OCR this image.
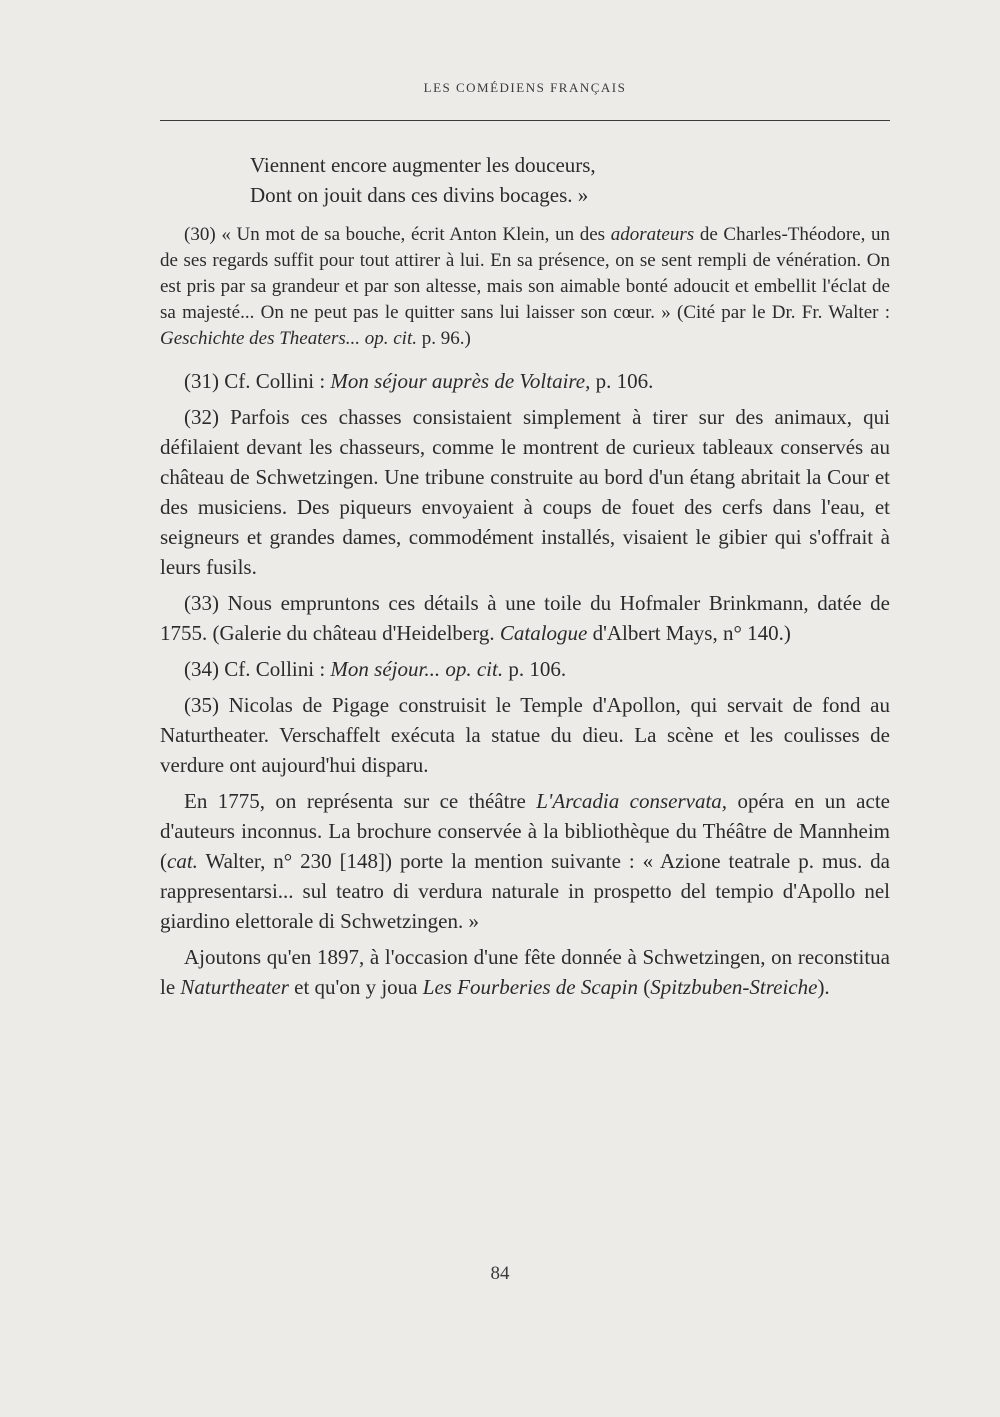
LES COMÉDIENS FRANÇAIS
Viennent encore augmenter les douceurs,
Dont on jouit dans ces divins bocages. »

(30) « Un mot de sa bouche, écrit Anton Klein, un des adorateurs de Charles-Théodore, un de ses regards suffit pour tout attirer à lui. En sa présence, on se sent rempli de vénération. On est pris par sa grandeur et par son altesse, mais son aimable bonté adoucit et embellit l'éclat de sa majesté... On ne peut pas le quitter sans lui laisser son cœur. » (Cité par le Dr. Fr. Walter : Geschichte des Theaters... op. cit. p. 96.)

(31) Cf. Collini : Mon séjour auprès de Voltaire, p. 106.

(32) Parfois ces chasses consistaient simplement à tirer sur des animaux, qui défilaient devant les chasseurs, comme le montrent de curieux tableaux conservés au château de Schwetzingen. Une tribune construite au bord d'un étang abritait la Cour et des musiciens. Des piqueurs envoyaient à coups de fouet des cerfs dans l'eau, et seigneurs et grandes dames, commodément installés, visaient le gibier qui s'offrait à leurs fusils.

(33) Nous empruntons ces détails à une toile du Hofmaler Brinkmann, datée de 1755. (Galerie du château d'Heidelberg. Catalogue d'Albert Mays, n° 140.)

(34) Cf. Collini : Mon séjour... op. cit. p. 106.

(35) Nicolas de Pigage construisit le Temple d'Apollon, qui servait de fond au Naturtheater. Verschaffelt exécuta la statue du dieu. La scène et les coulisses de verdure ont aujourd'hui disparu.

En 1775, on représenta sur ce théâtre L'Arcadia conservata, opéra en un acte d'auteurs inconnus. La brochure conservée à la bibliothèque du Théâtre de Mannheim (cat. Walter, n° 230 [148]) porte la mention suivante : « Azione teatrale p. mus. da rappresentarsi... sul teatro di verdura naturale in prospetto del tempio d'Apollo nel giardino elettorale di Schwetzingen. »

Ajoutons qu'en 1897, à l'occasion d'une fête donnée à Schwetzingen, on reconstitua le Naturtheater et qu'on y joua Les Fourberies de Scapin (Spitzbuben-Streiche).

84
